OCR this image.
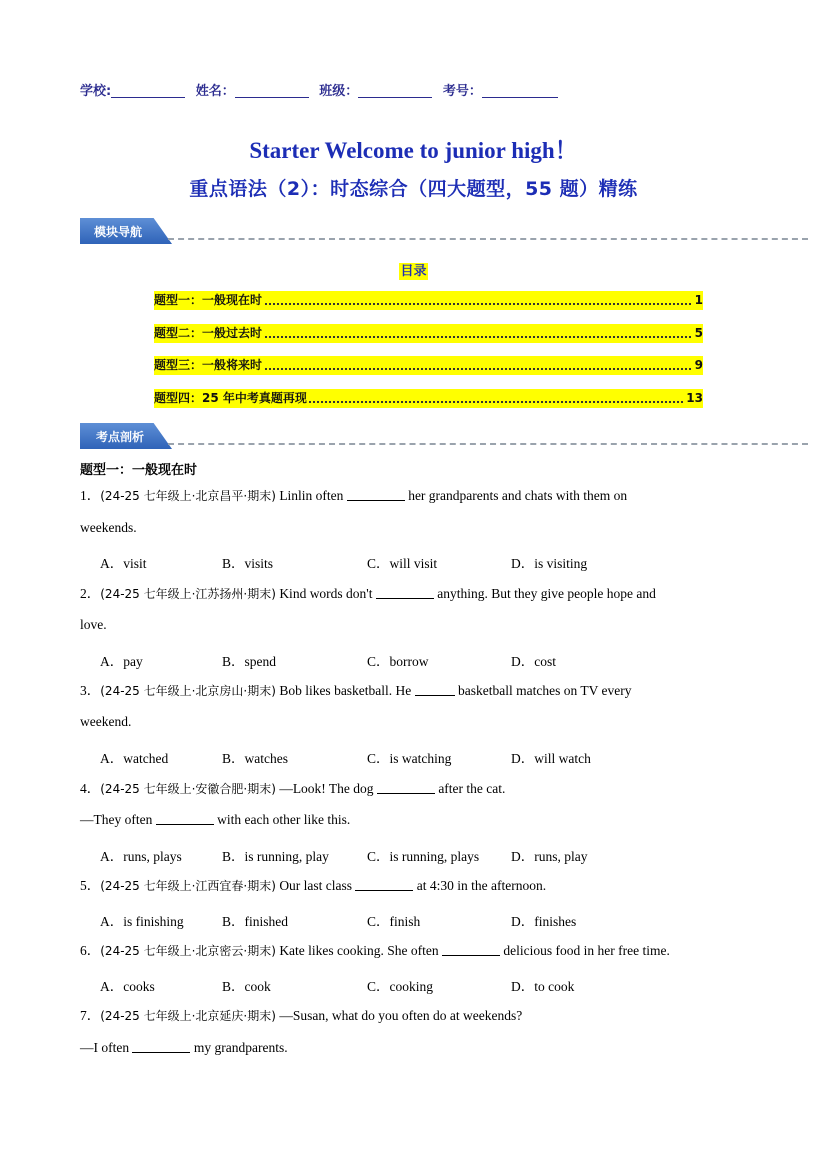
学校:	姓名：	班级：	考号：
Starter Welcome to junior high！
重点语法（2）：时态综合（四大题型，55 题）精练
模块导航
目录
题型一：一般现在时	1
题型二：一般过去时	5
题型三：一般将来时	9
题型四：25 年中考真题再现	13
考点剖析
题型一：一般现在时
1．(24-25 七年级上·北京昌平·期末) Linlin often	her grandparents and chats with them on
weekends.
A．visit	B．visits	C．will visit	D．is visiting
2．(24-25 七年级上·江苏扬州·期末) Kind words don't	anything. But they give people hope and
love.
A．pay	B．spend	C．borrow	D．cost
3．(24-25 七年级上·北京房山·期末) Bob likes basketball. He	basketball matches on TV every
weekend.
A．watched	B．watches	C．is watching	D．will watch
4．(24-25 七年级上·安徽合肥·期末) —Look! The dog	after the cat.
—They often	with each other like this.
A．runs, plays	B．is running, play	C．is running, plays D．runs, play
5．(24-25 七年级上·江西宜春·期末) Our last class	at 4:30 in the afternoon.
A．is finishing	B．finished	C．finish	D．finishes
6．(24-25 七年级上·北京密云·期末) Kate likes cooking. She often	delicious food in her free time.
A．cooks	B．cook	C．cooking	D．to cook
7．(24-25 七年级上·北京延庆·期末) —Susan, what do you often do at weekends?
—I often	my grandparents.
